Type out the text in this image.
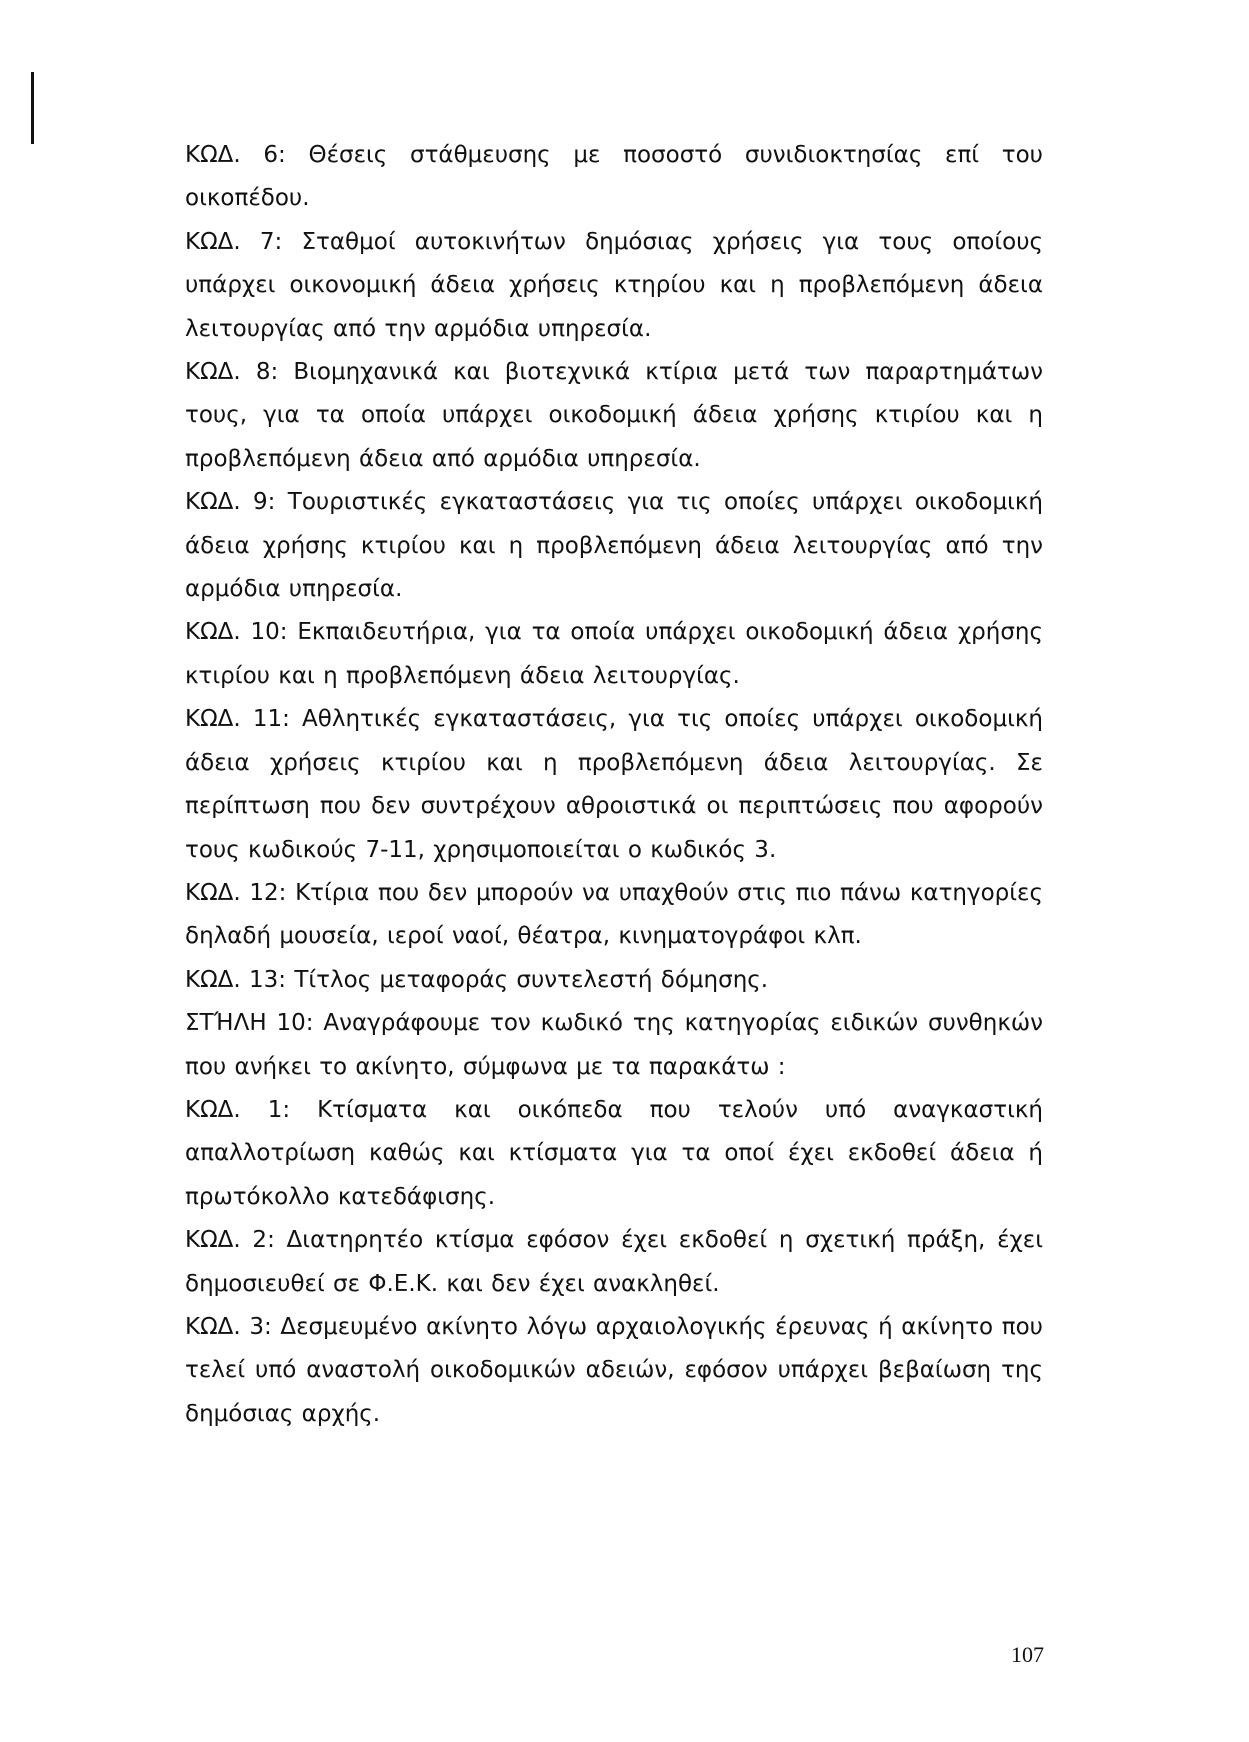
ΚΩΔ. 6: Θέσεις στάθμευσης με ποσοστό συνιδιοκτησίας επί του οικοπέδου.

ΚΩΔ. 7: Σταθμοί αυτοκινήτων δημόσιας χρήσεις για τους οποίους υπάρχει οικονομική άδεια χρήσεις κτηρίου και η προβλεπόμενη άδεια λειτουργίας από την αρμόδια υπηρεσία.

ΚΩΔ. 8: Βιομηχανικά και βιοτεχνικά κτίρια μετά των παραρτημάτων τους, για τα οποία υπάρχει οικοδομική άδεια χρήσης κτιρίου και η προβλεπόμενη άδεια από αρμόδια υπηρεσία.

ΚΩΔ. 9: Τουριστικές εγκαταστάσεις για τις οποίες υπάρχει οικοδομική άδεια χρήσης κτιρίου και η προβλεπόμενη άδεια λειτουργίας από την αρμόδια υπηρεσία.

ΚΩΔ. 10: Εκπαιδευτήρια, για τα οποία υπάρχει οικοδομική άδεια χρήσης κτιρίου και η προβλεπόμενη άδεια λειτουργίας.

ΚΩΔ. 11: Αθλητικές εγκαταστάσεις, για τις οποίες υπάρχει οικοδομική άδεια χρήσεις κτιρίου και η προβλεπόμενη άδεια λειτουργίας. Σε περίπτωση που δεν συντρέχουν αθροιστικά οι περιπτώσεις που αφορούν τους κωδικούς 7-11, χρησιμοποιείται ο κωδικός 3.

ΚΩΔ. 12: Κτίρια που δεν μπορούν να υπαχθούν στις πιο πάνω κατηγορίες δηλαδή μουσεία, ιεροί ναοί, θέατρα, κινηματογράφοι κλπ.

ΚΩΔ. 13: Τίτλος μεταφοράς συντελεστή δόμησης.

ΣΤΉΛΗ 10: Αναγράφουμε τον κωδικό της κατηγορίας ειδικών συνθηκών που ανήκει το ακίνητο, σύμφωνα με τα παρακάτω :

ΚΩΔ. 1: Κτίσματα και οικόπεδα που τελούν υπό αναγκαστική απαλλοτρίωση καθώς και κτίσματα για τα οποί έχει εκδοθεί άδεια ή πρωτόκολλο κατεδάφισης.

ΚΩΔ. 2: Διατηρητέο κτίσμα εφόσον έχει εκδοθεί η σχετική πράξη, έχει δημοσιευθεί σε Φ.Ε.Κ. και δεν έχει ανακληθεί.

ΚΩΔ. 3: Δεσμευμένο ακίνητο λόγω αρχαιολογικής έρευνας ή ακίνητο που τελεί υπό αναστολή οικοδομικών αδειών, εφόσον υπάρχει βεβαίωση της δημόσιας αρχής.

107
